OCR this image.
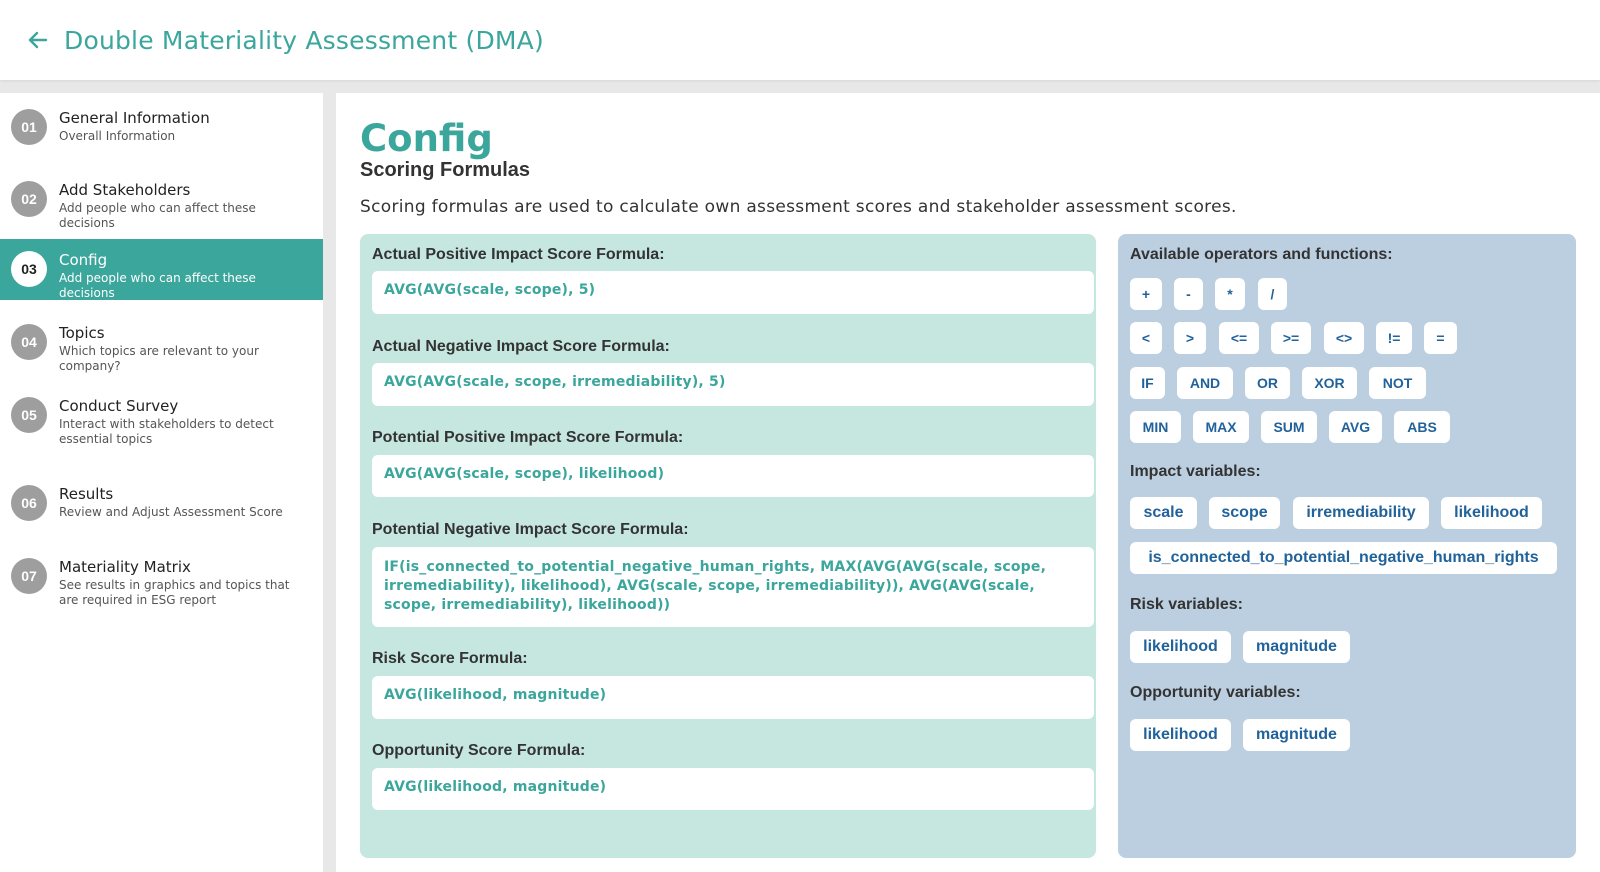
Double Materiality Assessment (DMA)
01	General Information
Overall Information
02	Add Stakeholders
Add people who can affect these decisions
03	Config
Add people who can affect these decisions
04	Topics
Which topics are relevant to your company?
05	Conduct Survey
Interact with stakeholders to detect essential topics
06	Results
Review and Adjust Assessment Score
07	Materiality Matrix
See results in graphics and topics that are required in ESG report
Config
Scoring Formulas
Scoring formulas are used to calculate own assessment scores and stakeholder assessment scores.
Actual Positive Impact Score Formula:
AVG(AVG(scale, scope), 5)
Actual Negative Impact Score Formula:
AVG(AVG(scale, scope, irremediability), 5)
Potential Positive Impact Score Formula:
AVG(AVG(scale, scope), likelihood)
Potential Negative Impact Score Formula:
IF(is_connected_to_potential_negative_human_rights, MAX(AVG(AVG(scale, scope, irremediability), likelihood), AVG(scale, scope, irremediability)), AVG(AVG(scale, scope, irremediability), likelihood))
Risk Score Formula:
AVG(likelihood, magnitude)
Opportunity Score Formula:
AVG(likelihood, magnitude)
Available operators and functions:
+	-	*	/
<	>	<=	>=	<>	!=	=
IF	AND	OR	XOR	NOT
MIN	MAX	SUM	AVG	ABS
Impact variables:
scale	scope	irremediability	likelihood
is_connected_to_potential_negative_human_rights
Risk variables:
likelihood	magnitude
Opportunity variables:
likelihood	magnitude
